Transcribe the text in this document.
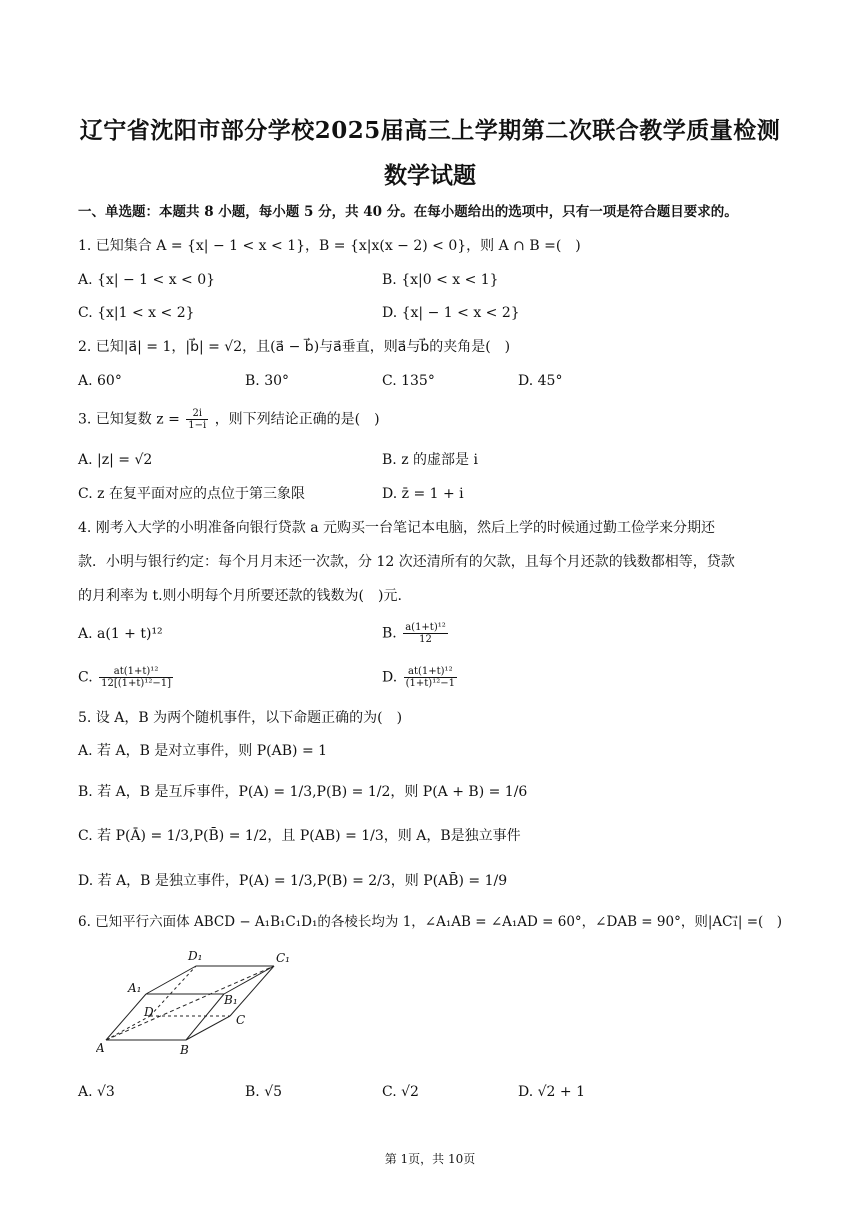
辽宁省沈阳市部分学校2025届高三上学期第二次联合教学质量检测
数学试题
一、单选题：本题共 8 小题，每小题 5 分，共 40 分。在每小题给出的选项中，只有一项是符合题目要求的。
1. 已知集合 A = {x| − 1 < x < 1}，B = {x|x(x − 2) < 0}，则 A ∩ B =(　)
A. {x| − 1 < x < 0}	B. {x|0 < x < 1}
C. {x|1 < x < 2}	D. {x| − 1 < x < 2}
2. 已知|a⃗| = 1，|b⃗| = √2，且(a⃗ − b⃗)与a⃗垂直，则a⃗与b⃗的夹角是(　)
A. 60°	B. 30°	C. 135°	D. 45°
3. 已知复数 $z = \frac{2i}{1-i}$ ，则下列结论正确的是(　)
A. |z| = √2	B. z 的虚部是 i
C. z 在复平面对应的点位于第三象限	D. z̄ = 1 + i
4. 刚考入大学的小明准备向银行贷款 a 元购买一台笔记本电脑，然后上学的时候通过勤工俭学来分期还
款．小明与银行约定：每个月月末还一次款，分 12 次还清所有的欠款，且每个月还款的钱数都相等，贷款
的月利率为 t.则小明每个月所要还款的钱数为(　)元.
A. a(1 + t)¹²	B. $\frac{\text{a(1+t)¹²}}{12}$
C. $\frac{\text{at(1+t)¹²}}{\text{12[(1+t)¹²−1]}}$	D. $\frac{\text{at(1+t)¹²}}{\text{(1+t)¹²−1}}$
5. 设 A，B 为两个随机事件，以下命题正确的为(　)
A. 若 A，B 是对立事件，则 P(AB) = 1
B. 若 A，B 是互斥事件，P(A) = 1/3,P(B) = 1/2，则 P(A + B) = 1/6
C. 若 P(Ā) = 1/3,P(B̄) = 1/2，且 P(AB) = 1/3，则 A，B是独立事件
D. 若 A，B 是独立事件，P(A) = 1/3,P(B) = 2/3，则 P(AB̄) = 1/9
6. 已知平行六面体 ABCD − A₁B₁C₁D₁的各棱长均为 1，∠A₁AB = ∠A₁AD = 60°，∠DAB = 90°，则|AC₁⃗| =(　)
D₁	C₁
A₁
B₁
D
C
A	B
A. √3	B. √5	C. √2	D. √2 + 1
第 1页，共 10页
